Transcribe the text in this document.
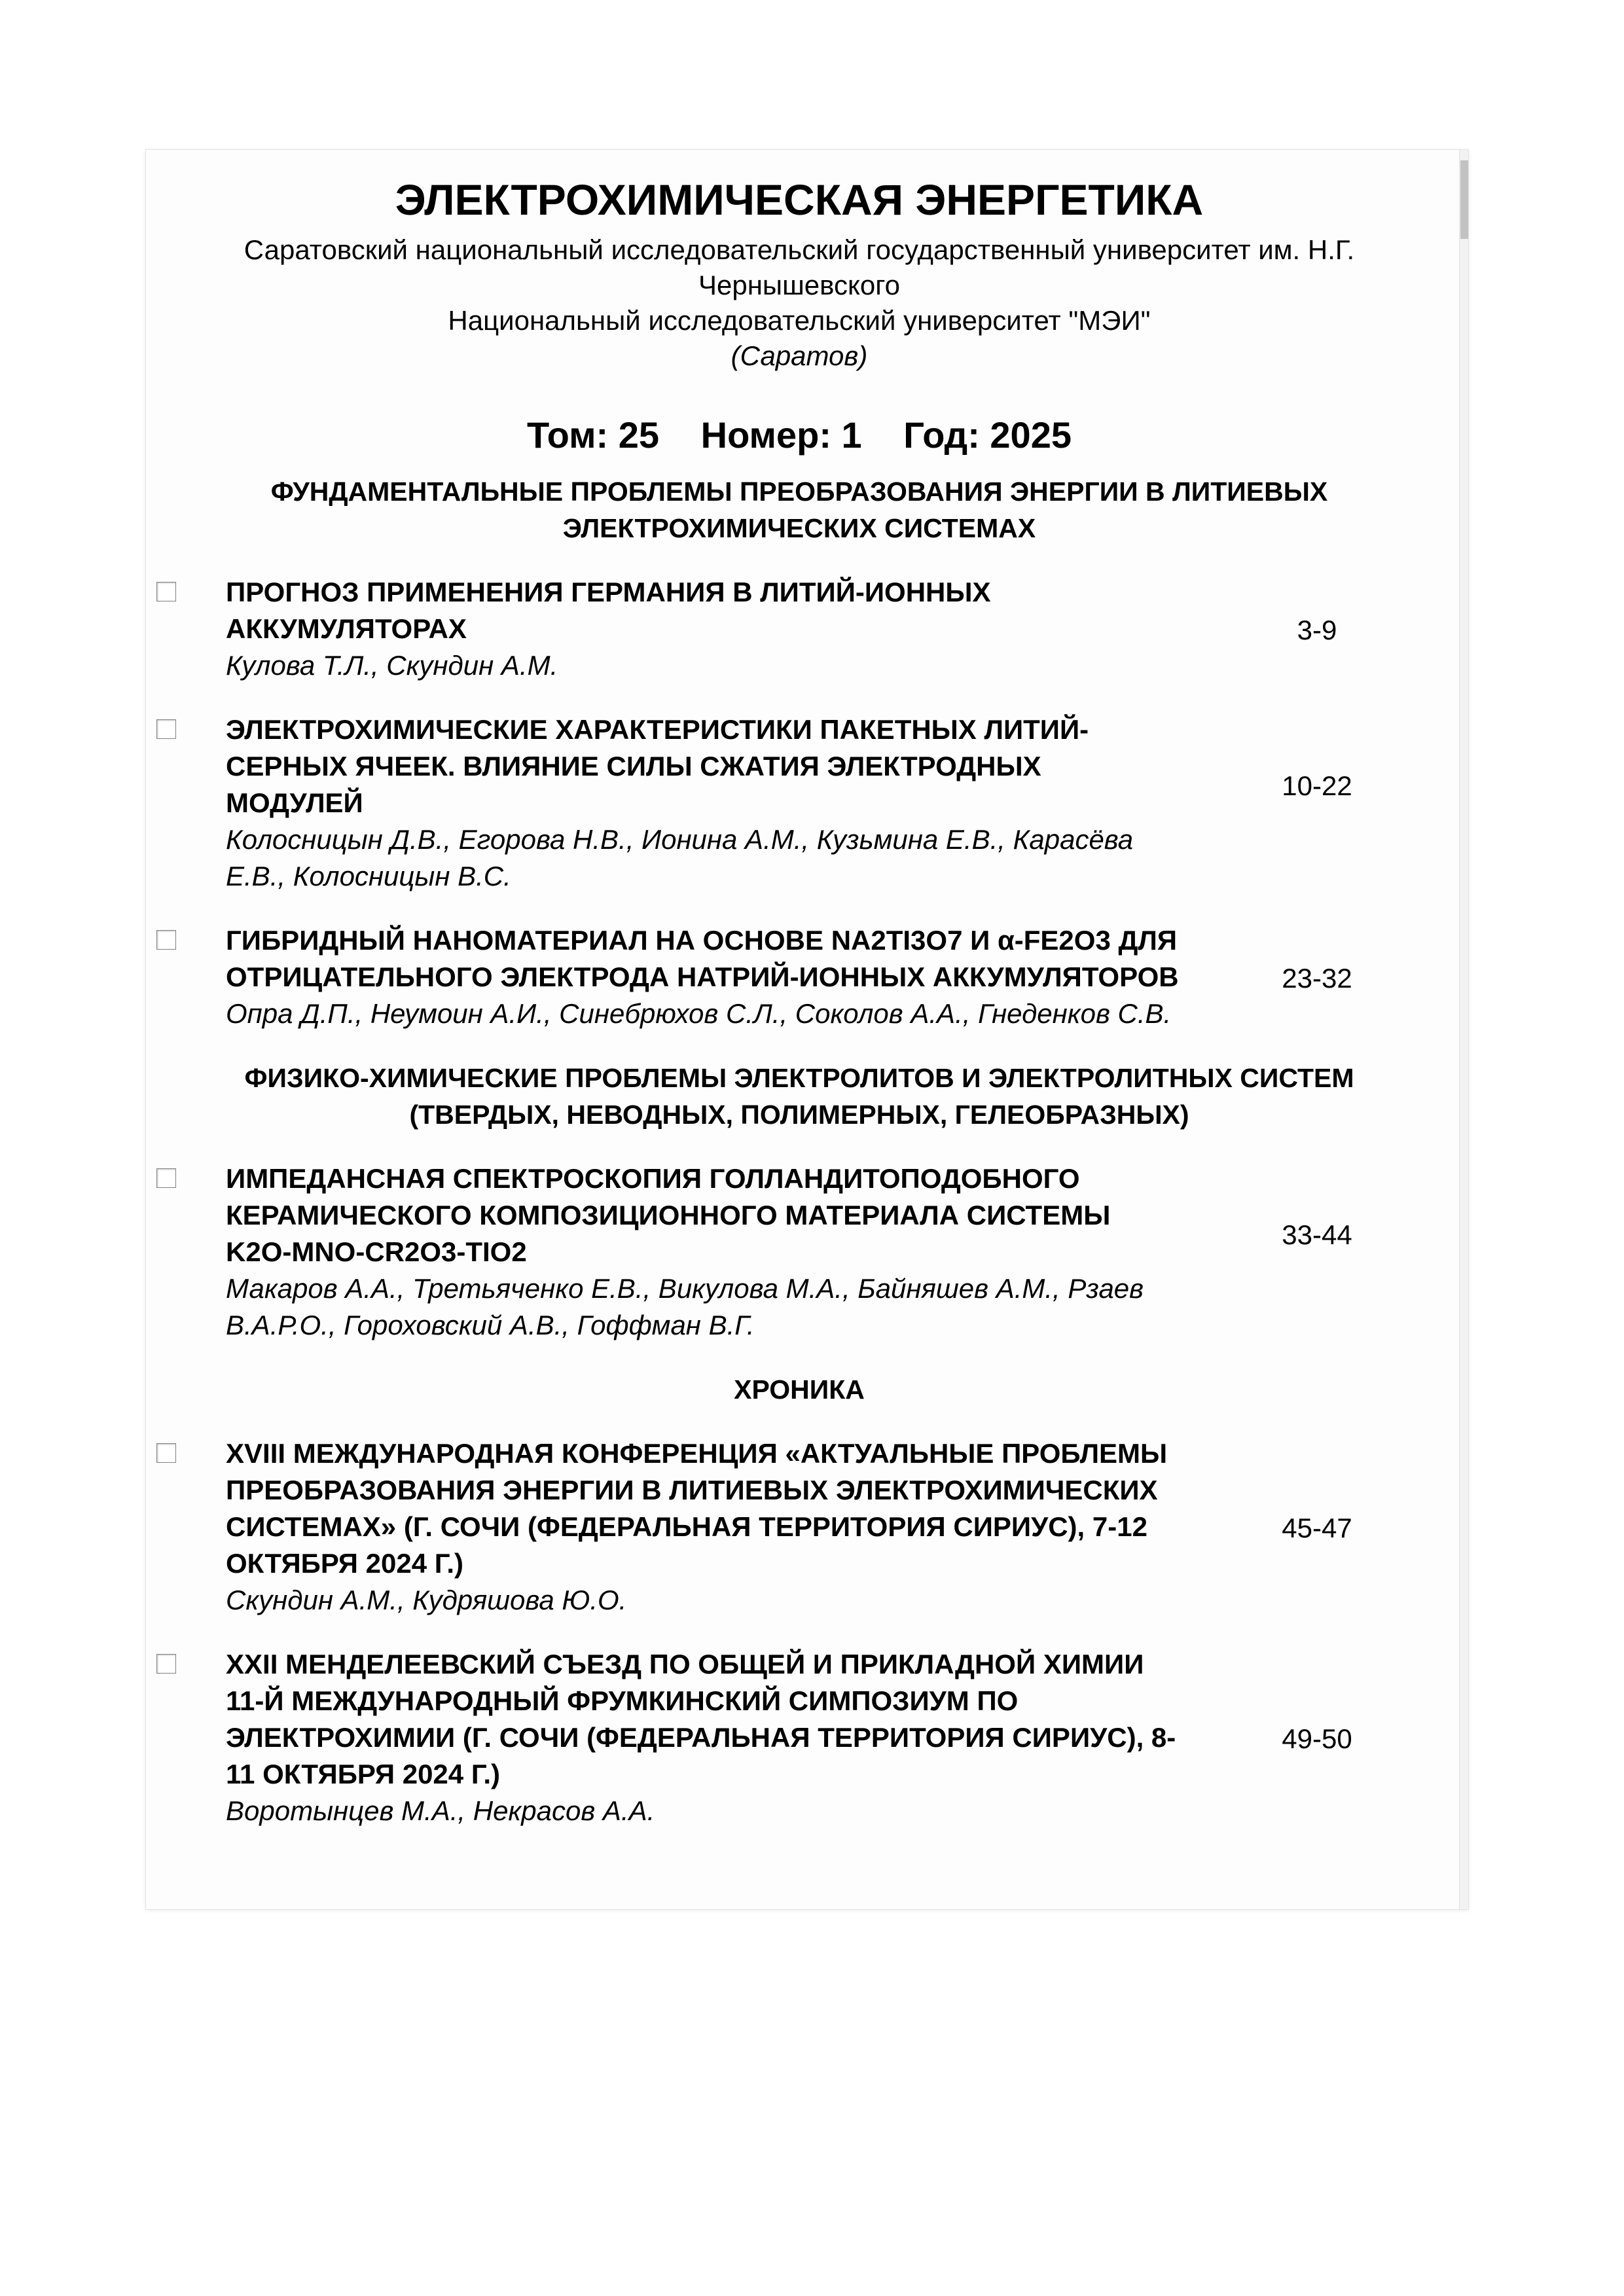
ЭЛЕКТРОХИМИЧЕСКАЯ ЭНЕРГЕТИКА
Саратовский национальный исследовательский государственный университет им. Н.Г. Чернышевского
Национальный исследовательский университет "МЭИ"
(Саратов)
Том: 25 Номер: 1 Год: 2025
ФУНДАМЕНТАЛЬНЫЕ ПРОБЛЕМЫ ПРЕОБРАЗОВАНИЯ ЭНЕРГИИ В ЛИТИЕВЫХ ЭЛЕКТРОХИМИЧЕСКИХ СИСТЕМАХ
ПРОГНОЗ ПРИМЕНЕНИЯ ГЕРМАНИЯ В ЛИТИЙ-ИОННЫХ АККУМУЛЯТОРАХ	3-9
Кулова Т.Л., Скундин А.М.
ЭЛЕКТРОХИМИЧЕСКИЕ ХАРАКТЕРИСТИКИ ПАКЕТНЫХ ЛИТИЙ-СЕРНЫХ ЯЧЕЕК. ВЛИЯНИЕ СИЛЫ СЖАТИЯ ЭЛЕКТРОДНЫХ МОДУЛЕЙ
10-22
Колосницын Д.В., Егорова Н.В., Ионина А.М., Кузьмина Е.В., Карасёва Е.В., Колосницын В.С.
ГИБРИДНЫЙ НАНОМАТЕРИАЛ НА ОСНОВЕ NA2TI3O7 И α-FE2O3 ДЛЯ ОТРИЦАТЕЛЬНОГО ЭЛЕКТРОДА НАТРИЙ-ИОННЫХ АККУМУЛЯТОРОВ	23-32
Опра Д.П., Неумоин А.И., Синебрюхов С.Л., Соколов А.А., Гнеденков С.В.
ФИЗИКО-ХИМИЧЕСКИЕ ПРОБЛЕМЫ ЭЛЕКТРОЛИТОВ И ЭЛЕКТРОЛИТНЫХ СИСТЕМ (ТВЕРДЫХ, НЕВОДНЫХ, ПОЛИМЕРНЫХ, ГЕЛЕОБРАЗНЫХ)
ИМПЕДАНСНАЯ СПЕКТРОСКОПИЯ ГОЛЛАНДИТОПОДОБНОГО КЕРАМИЧЕСКОГО КОМПОЗИЦИОННОГО МАТЕРИАЛА СИСТЕМЫ K2O-MNO-CR2O3-TIO2
33-44
Макаров А.А., Третьяченко Е.В., Викулова М.А., Байняшев А.М., Рзаев В.А.Р.О., Гороховский А.В., Гоффман В.Г.
ХРОНИКА
XVIII МЕЖДУНАРОДНАЯ КОНФЕРЕНЦИЯ «АКТУАЛЬНЫЕ ПРОБЛЕМЫ ПРЕОБРАЗОВАНИЯ ЭНЕРГИИ В ЛИТИЕВЫХ ЭЛЕКТРОХИМИЧЕСКИХ СИСТЕМАХ» (Г. СОЧИ (ФЕДЕРАЛЬНАЯ ТЕРРИТОРИЯ СИРИУС), 7-12 ОКТЯБРЯ 2024 Г.)
45-47
Скундин А.М., Кудряшова Ю.О.
XXII МЕНДЕЛЕЕВСКИЙ СЪЕЗД ПО ОБЩЕЙ И ПРИКЛАДНОЙ ХИМИИ 11-Й МЕЖДУНАРОДНЫЙ ФРУМКИНСКИЙ СИМПОЗИУМ ПО ЭЛЕКТРОХИМИИ (Г. СОЧИ (ФЕДЕРАЛЬНАЯ ТЕРРИТОРИЯ СИРИУС), 8-11 ОКТЯБРЯ 2024 Г.)
49-50
Воротынцев М.А., Некрасов А.А.
